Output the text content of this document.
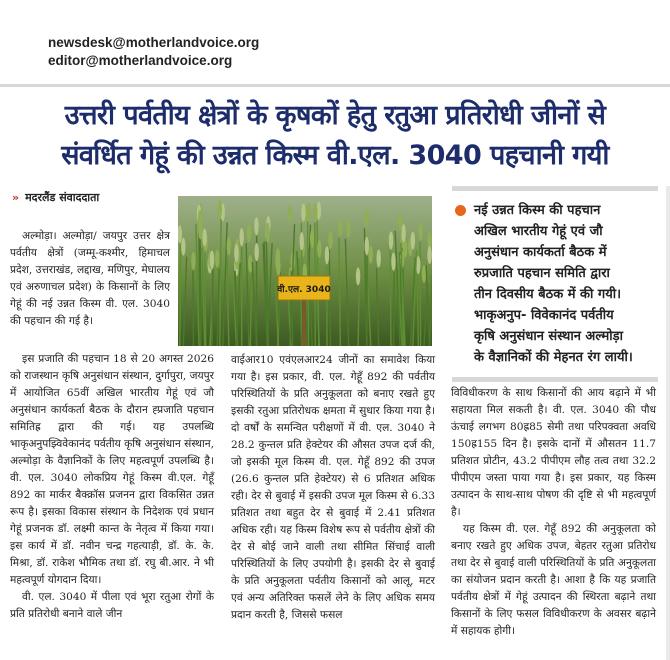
newsdesk@motherlandvoice.org
editor@motherlandvoice.org
उत्तरी पर्वतीय क्षेत्रों के कृषकों हेतु रतुआ प्रतिरोधी जीनों से
संवर्धित गेहूं की उन्नत किस्म वी.एल. 3040 पहचानी गयी
» मदरलैंड संवाददाता

अल्मोड़ा। अल्मोड़ा/ जयपुर उत्तर क्षेत्र पर्वतीय क्षेत्रों (जम्मू-कश्मीर, हिमाचल प्रदेश, उत्तराखंड, लद्दाख, मणिपुर, मेघालय एवं अरुणाचल प्रदेश) के किसानों के लिए गेहूं की नई उन्नत किस्म वी. एल. 3040 की पहचान की गई है।

वी.एल. 3040
नई उन्नत किस्म की पहचान
अखिल भारतीय गेहूं एवं जौ
अनुसंधान कार्यकर्ता बैठक में
रुप्रजाति पहचान समिति द्वारा
तीन दिवसीय बैठक में की गयी।
भाकृअनुप- विवेकानंद पर्वतीय
कृषि अनुसंधान संस्थान अल्मोड़ा
के वैज्ञानिकों की मेहनत रंग लायी।

इस प्रजाति की पहचान 18 से 20 अगस्त 2026 को राजस्थान कृषि अनुसंधान संस्थान, दुर्गापुरा, जयपुर में आयोजित 65वीं अखिल भारतीय गेहूं एवं जौ अनुसंधान कार्यकर्ता बैठक के दौरान ह्प्रजाति पहचान समितिह्र द्वारा की गई। यह उपलब्धि भाकृअनुपझ्विवेकानंद पर्वतीय कृषि अनुसंधान संस्थान, अल्मोड़ा के वैज्ञानिकों के लिए महत्वपूर्ण उपलब्धि है। वी. एल. 3040 लोकप्रिय गेहूं किस्म वी.एल. गेहूँ 892 का मार्कर बैक्क्रॉस प्रजनन द्वारा विकसित उन्नत रूप है। इसका विकास संस्थान के निदेशक एवं प्रधान गेहूं प्रजनक डॉ. लक्ष्मी कान्त के नेतृत्व में किया गया। इस कार्य में डॉ. नवीन चन्द्र गहत्याड़ी, डॉ. के. के. मिश्रा, डॉ. राकेश भौमिक तथा डॉ. रघु बी.आर. ने भी महत्वपूर्ण योगदान दिया।

वी. एल. 3040 में पीला एवं भूरा रतुआ रोगों के प्रति प्रतिरोधी बनाने वाले जीन

वाईआर10 एवंएलआर24 जीनों का समावेश किया गया है। इस प्रकार, वी. एल. गेहूँ 892 की पर्वतीय परिस्थितियों के प्रति अनुकूलता को बनाए रखते हुए इसकी रतुआ प्रतिरोधक क्षमता में सुधार किया गया है। दो वर्षों के समन्वित परीक्षणों में वी. एल. 3040 ने 28.2 कुन्तल प्रति हेक्टेयर की औसत उपज दर्ज की, जो इसकी मूल किस्म वी. एल. गेहूँ 892 की उपज (26.6 कुन्तल प्रति हेक्टेयर) से 6 प्रतिशत अधिक रही। देर से बुवाई में इसकी उपज मूल किस्म से 6.33 प्रतिशत तथा बहुत देर से बुवाई में 2.41 प्रतिशत अधिक रही। यह किस्म विशेष रूप से पर्वतीय क्षेत्रों की देर से बोई जाने वाली तथा सीमित सिंचाई वाली परिस्थितियों के लिए उपयोगी है। इसकी देर से बुवाई के प्रति अनुकूलता पर्वतीय किसानों को आलू, मटर एवं अन्य अतिरिक्त फसलें लेने के लिए अधिक समय प्रदान करती है, जिससे फसल

विविधीकरण के साथ किसानों की आय बढ़ाने में भी सहायता मिल सकती है। वी. एल. 3040 की पौध ऊंचाई लगभग 80ह्र85 सेमी तथा परिपक्वता अवधि 150ह्र155 दिन है। इसके दानों में औसतन 11.7 प्रतिशत प्रोटीन, 43.2 पीपीएम लौह तत्व तथा 32.2 पीपीएम जस्ता पाया गया है। इस प्रकार, यह किस्म उत्पादन के साथ-साथ पोषण की दृष्टि से भी महत्वपूर्ण है।

यह किस्म वी. एल. गेहूँ 892 की अनुकूलता को बनाए रखते हुए अधिक उपज, बेहतर रतुआ प्रतिरोध तथा देर से बुवाई वाली परिस्थितियों के प्रति अनुकूलता का संयोजन प्रदान करती है। आशा है कि यह प्रजाति पर्वतीय क्षेत्रों में गेहूं उत्पादन की स्थिरता बढ़ाने तथा किसानों के लिए फसल विविधीकरण के अवसर बढ़ाने में सहायक होगी।
